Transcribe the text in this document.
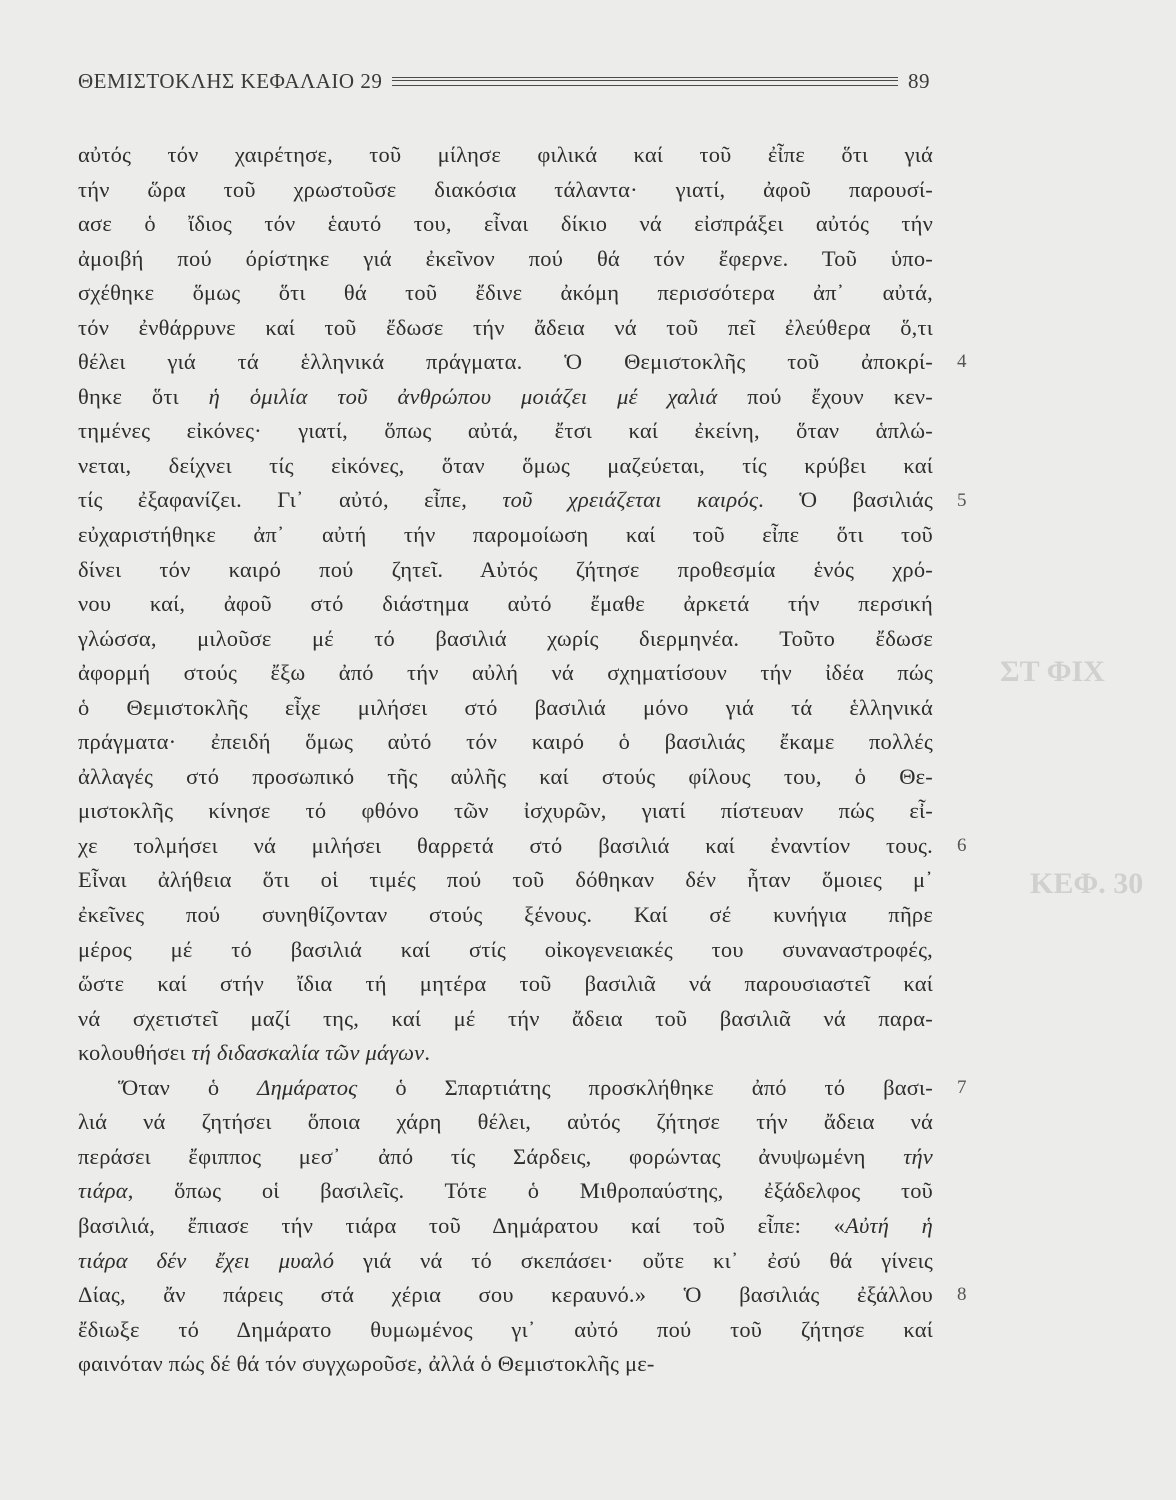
ΘΕΜΙΣΤΟΚΛΗΣ ΚΕΦΑΛΑΙΟ 29	89
αὐτός τόν χαιρέτησε, τοῦ μίλησε φιλικά καί τοῦ ἐἶπε ὅτι γιά
τήν ὥρα τοῦ χρωστοῦσε διακόσια τάλαντα· γιατί, ἀφοῦ παρουσί-
ασε ὁ ἴδιος τόν ἑαυτό του, εἶναι δίκιο νά εἰσπράξει αὐτός τήν
ἀμοιβή πού όρίστηκε γιά ἐκεῖνον πού θά τόν ἔφερνε. Τοῦ ὑπο-
σχέθηκε ὅμως ὅτι θά τοῦ ἔδινε ἀκόμη περισσότερα ἀπ᾽ αὐτά,
τόν ἐνθάρρυνε καί τοῦ ἔδωσε τήν ἄδεια νά τοῦ πεῖ ἐλεύθερα ὅ,τι
θέλει γιά τά ἑλληνικά πράγματα. Ὁ Θεμιστοκλῆς τοῦ ἀποκρί-
θηκε ὅτι ἡ ὁμιλία τοῦ ἀνθρώπου μοιάζει μέ χαλιά πού ἔχουν κεν-
τημένες εἰκόνες· γιατί, ὅπως αὐτά, ἔτσι καί ἐκείνη, ὅταν ἁπλώ-
νεται, δείχνει τίς εἰκόνες, ὅταν ὅμως μαζεύεται, τίς κρύβει καί
τίς ἐξαφανίζει. Γι᾽ αὐτό, εἶπε, τοῦ χρειάζεται καιρός. Ὁ βασιλιάς
εὐχαριστήθηκε ἀπ᾽ αὐτή τήν παρομοίωση καί τοῦ εἶπε ὅτι τοῦ
δίνει τόν καιρό πού ζητεῖ. Αὐτός ζήτησε προθεσμία ἑνός χρό-
νου καί, ἀφοῦ στό διάστημα αὐτό ἔμαθε ἀρκετά τήν περσική
γλώσσα, μιλοῦσε μέ τό βασιλιά χωρίς διερμηνέα. Τοῦτο ἔδωσε
ἀφορμή στούς ἔξω ἀπό τήν αὐλή νά σχηματίσουν τήν ἰδέα πώς
ὁ Θεμιστοκλῆς εἶχε μιλήσει στό βασιλιά μόνο γιά τά ἑλληνικά
πράγματα· ἐπειδή ὅμως αὐτό τόν καιρό ὁ βασιλιάς ἔκαμε πολλές
ἀλλαγές στό προσωπικό τῆς αὐλῆς καί στούς φίλους του, ὁ Θε-
μιστοκλῆς κίνησε τό φθόνο τῶν ἰσχυρῶν, γιατί πίστευαν πώς εἶ-
χε τολμήσει νά μιλήσει θαρρετά στό βασιλιά καί ἐναντίον τους.
Εἶναι ἀλήθεια ὅτι οἱ τιμές πού τοῦ δόθηκαν δέν ἦταν ὅμοιες μ᾽
ἐκεῖνες πού συνηθίζονταν στούς ξένους. Καί σέ κυνήγια πῆρε
μέρος μέ τό βασιλιά καί στίς οἰκογενειακές του συναναστροφές,
ὥστε καί στήν ἴδια τή μητέρα τοῦ βασιλιᾶ νά παρουσιαστεῖ καί
νά σχετιστεῖ μαζί της, καί μέ τήν ἄδεια τοῦ βασιλιᾶ νά παρα-
κολουθήσει τή διδασκαλία τῶν μάγων.
Ὅταν ὁ Δημάρατος ὁ Σπαρτιάτης προσκλήθηκε ἀπό τό βασι-
λιά νά ζητήσει ὅποια χάρη θέλει, αὐτός ζήτησε τήν ἄδεια νά
περάσει ἔφιππος μεσ᾽ ἀπό τίς Σάρδεις, φορώντας ἀνυψωμένη τήν
τιάρα, ὅπως οἱ βασιλεῖς. Τότε ὁ Μιθροπαύστης, ἐξάδελφος τοῦ
βασιλιά, ἔπιασε τήν τιάρα τοῦ Δημάρατου καί τοῦ εἶπε: «Αὐτή ἡ
τιάρα δέν ἔχει μυαλό γιά νά τό σκεπάσει· οὔτε κι᾽ ἐσύ θά γίνεις
Δίας, ἄν πάρεις στά χέρια σου κεραυνό.» Ὁ βασιλιάς ἐξάλλου
ἔδιωξε τό Δημάρατο θυμωμένος γι᾽ αὐτό πού τοῦ ζήτησε καί
φαινόταν πώς δέ θά τόν συγχωροῦσε, ἀλλά ὁ Θεμιστοκλῆς με-
4
5
6
7
8
ΣΤ ΦΙΧ
ΚΕΦ. 30
